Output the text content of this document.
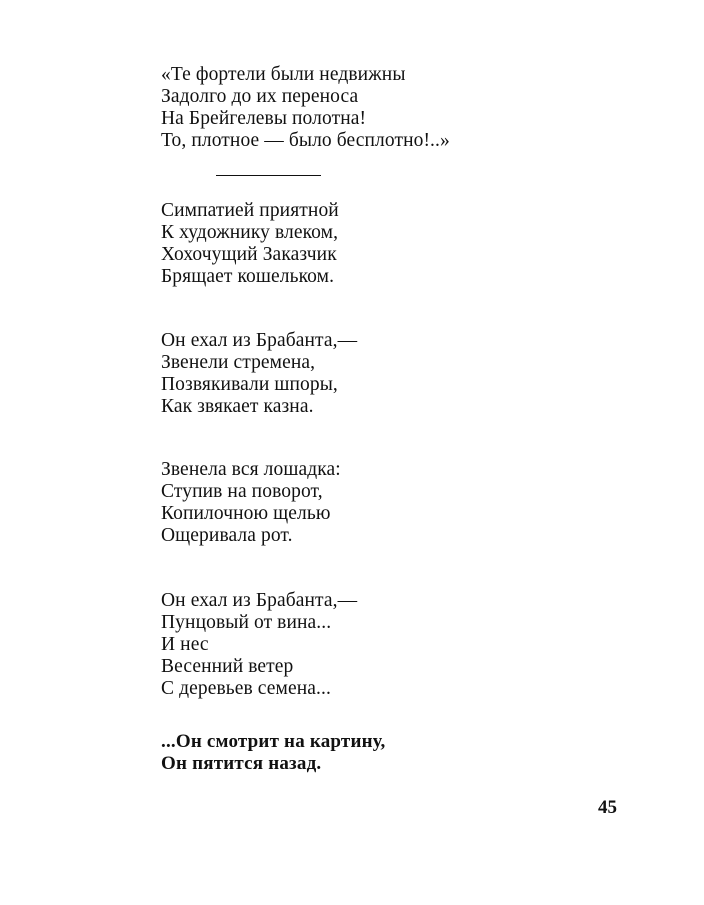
«Те фортели были недвижны
Задолго до их переноса
На Брейгелевы полотна!
То, плотное — было бесплотно!..»
Симпатией приятной
К художнику влеком,
Хохочущий Заказчик
Брящает кошельком.
Он ехал из Брабанта,—
Звенели стремена,
Позвякивали шпоры,
Как звякает казна.
Звенела вся лошадка:
Ступив на поворот,
Копилочною щелью
Ощеривала рот.
Он ехал из Брабанта,—
Пунцовый от вина...
И нес
Весенний ветер
С деревьев семена...
...Он смотрит на картину,
Он пятится назад.
45
